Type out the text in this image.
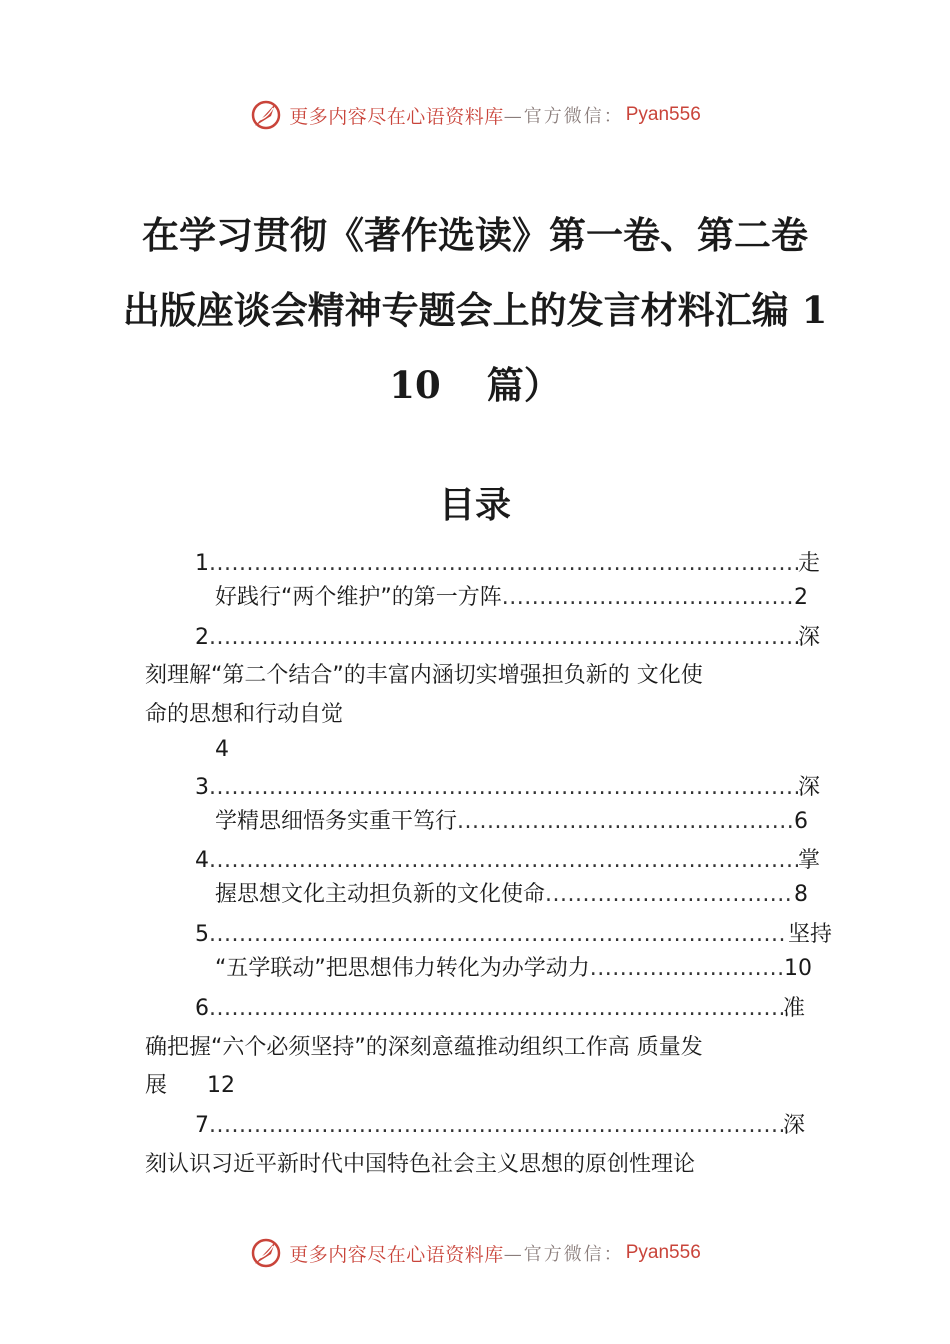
更多内容尽在心语资料库 —官方微信： Pyan556
在学习贯彻《著作选读》第一卷、第二卷
出版座谈会精神专题会上的发言材料汇编 1
10 篇）
目录
1 .....	走
好践行“两个维护”的第一方阵 .....	2
2 .....	深
刻理解“第二个结合”的丰富内涵切实增强担负新的 文化使
命的思想和行动自觉
4
3 .....	深
学精思细悟务实重干笃行 .....	6
4 .....	掌
握思想文化主动担负新的文化使命 .....	8
5 .....	坚持
“五学联动”把思想伟力转化为办学动力 .....	10
6 .....	准
确把握“六个必须坚持”的深刻意蕴推动组织工作高 质量发
展 12
7 .....	深
刻认识习近平新时代中国特色社会主义思想的原创性理论
更多内容尽在心语资料库 —官方微信： Pyan556
